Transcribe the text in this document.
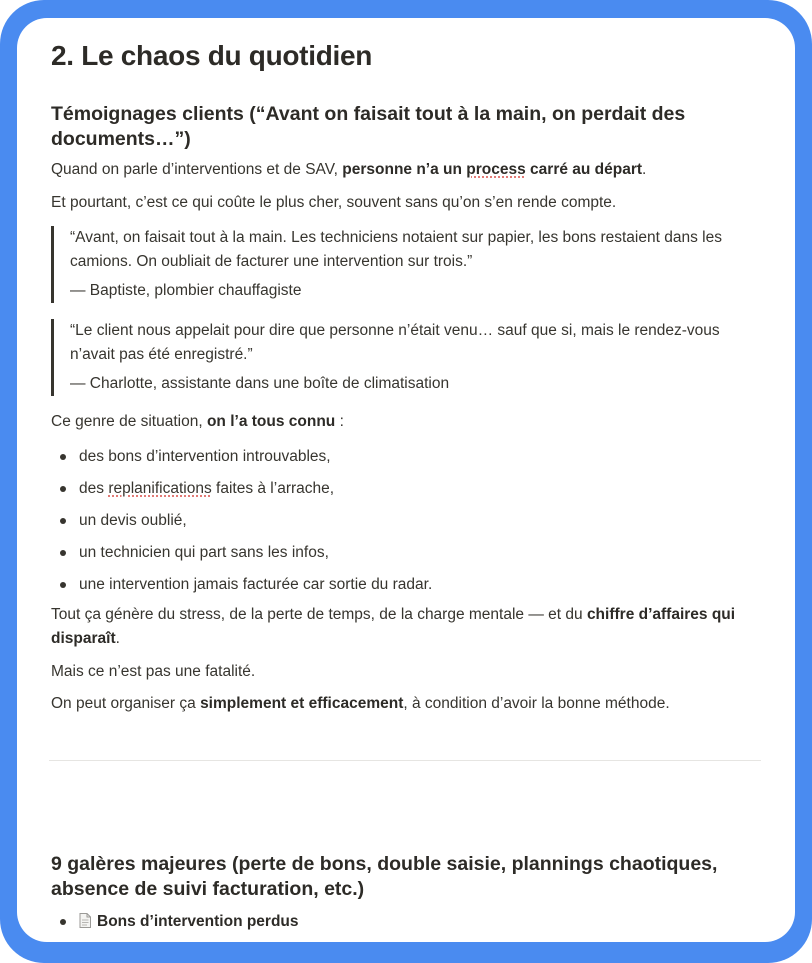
2. Le chaos du quotidien
Témoignages clients (“Avant on faisait tout à la main, on perdait des documents…”)

Quand on parle d’interventions et de SAV, personne n’a un process carré au départ.

Et pourtant, c’est ce qui coûte le plus cher, souvent sans qu’on s’en rende compte.

“Avant, on faisait tout à la main. Les techniciens notaient sur papier, les bons restaient dans les camions. On oubliait de facturer une intervention sur trois.”
— Baptiste, plombier chauffagiste
“Le client nous appelait pour dire que personne n’était venu… sauf que si, mais le rendez-vous n’avait pas été enregistré.”
— Charlotte, assistante dans une boîte de climatisation

Ce genre de situation, on l’a tous connu :

des bons d’intervention introuvables,
des replanifications faites à l’arrache,
un devis oublié,
un technicien qui part sans les infos,
une intervention jamais facturée car sortie du radar.

Tout ça génère du stress, de la perte de temps, de la charge mentale — et du chiffre d’affaires qui disparaît.

Mais ce n’est pas une fatalité.

On peut organiser ça simplement et efficacement, à condition d’avoir la bonne méthode.

9 galères majeures (perte de bons, double saisie, plannings chaotiques, absence de suivi facturation, etc.)
Bons d’intervention perdus
